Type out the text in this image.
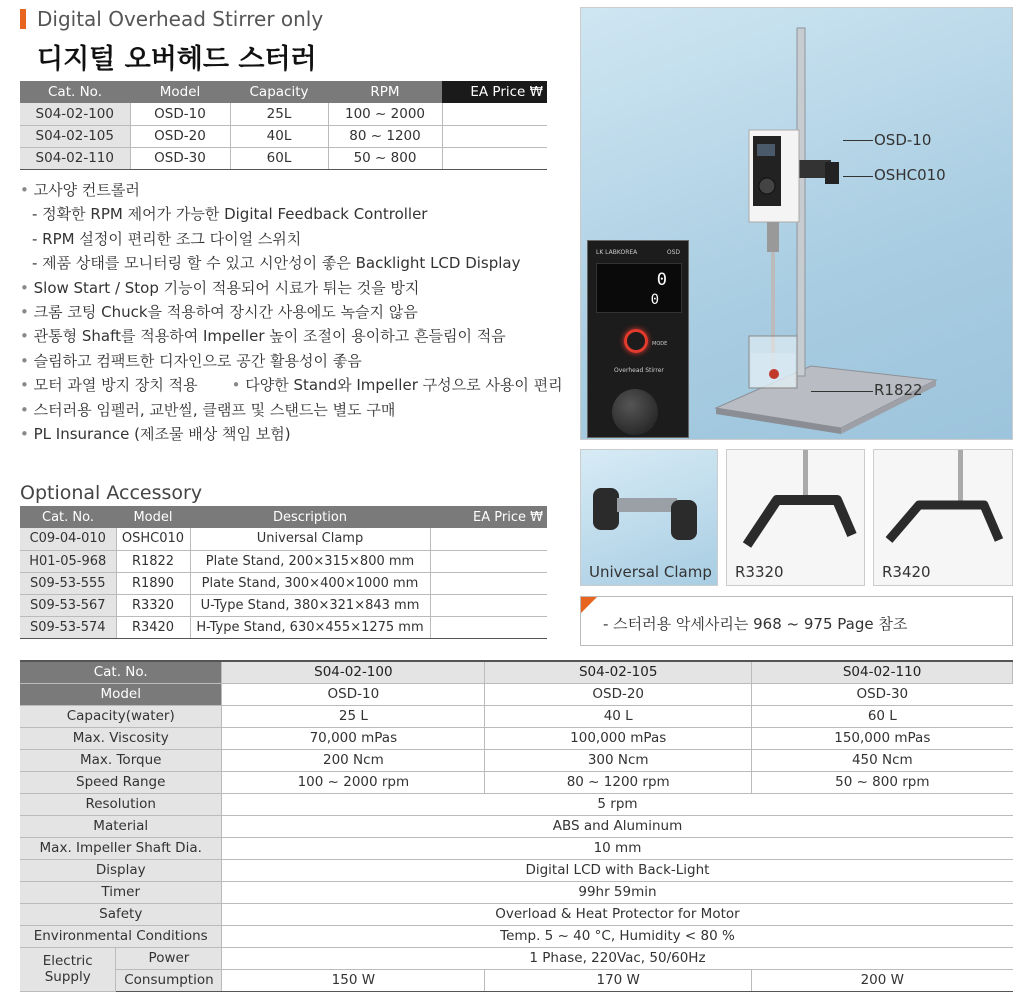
Digital Overhead Stirrer only
디지털 오버헤드 스터러
Cat. No.	Model	Capacity	RPM	EA Price ₩
S04-02-100	OSD-10	25L	100 ~ 2000	
S04-02-105	OSD-20	40L	80 ~ 1200	
S04-02-110	OSD-30	60L	50 ~ 800	
• 고사양 컨트롤러
- 정확한 RPM 제어가 가능한 Digital Feedback Controller
- RPM 설정이 편리한 조그 다이얼 스위치
- 제품 상태를 모니터링 할 수 있고 시안성이 좋은 Backlight LCD Display
• Slow Start / Stop 기능이 적용되어 시료가 튀는 것을 방지
• 크롬 코팅 Chuck을 적용하여 장시간 사용에도 녹슬지 않음
• 관통형 Shaft를 적용하여 Impeller 높이 조절이 용이하고 흔들림이 적음
• 슬림하고 컴팩트한 디자인으로 공간 활용성이 좋음
• 모터 과열 방지 장치 적용 • 다양한 Stand와 Impeller 구성으로 사용이 편리
• 스터러용 임펠러, 교반씰, 클램프 및 스탠드는 별도 구매
• PL Insurance (제조물 배상 책임 보험)
Optional Accessory
Cat. No.	Model	Description	EA Price ₩
C09-04-010	OSHC010	Universal Clamp	
H01-05-968	R1822	Plate Stand, 200×315×800 mm	
S09-53-555	R1890	Plate Stand, 300×400×1000 mm	
S09-53-567	R3320	U-Type Stand, 380×321×843 mm	
S09-53-574	R3420	H-Type Stand, 630×455×1275 mm	
LK LABKOREA	OSD
0
0
MODE
Overhead Stirrer
OSD-10
OSHC010
R1822
Universal Clamp R3320	R3420
- 스터러용 악세사리는 968 ~ 975 Page 참조
Cat. No.		S04-02-100	S04-02-105	S04-02-110
Model		OSD-10	OSD-20	OSD-30
Capacity(water)		25 L	40 L	60 L
Max. Viscosity		70,000 mPas	100,000 mPas	150,000 mPas
Max. Torque		200 Ncm	300 Ncm	450 Ncm
Speed Range		100 ~ 2000 rpm	80 ~ 1200 rpm	50 ~ 800 rpm
Resolution		5 rpm		
Material		ABS and Aluminum		
Max. Impeller Shaft Dia.		10 mm		
Display		Digital LCD with Back-Light		
Timer		99hr 59min		
Safety		Overload & Heat Protector for Motor		
Environmental Conditions		Temp. 5 ~ 40 °C, Humidity < 80 %		
Electric Supply	Power	1 Phase, 220Vac, 50/60Hz		
	Consumption	150 W	170 W	200 W
